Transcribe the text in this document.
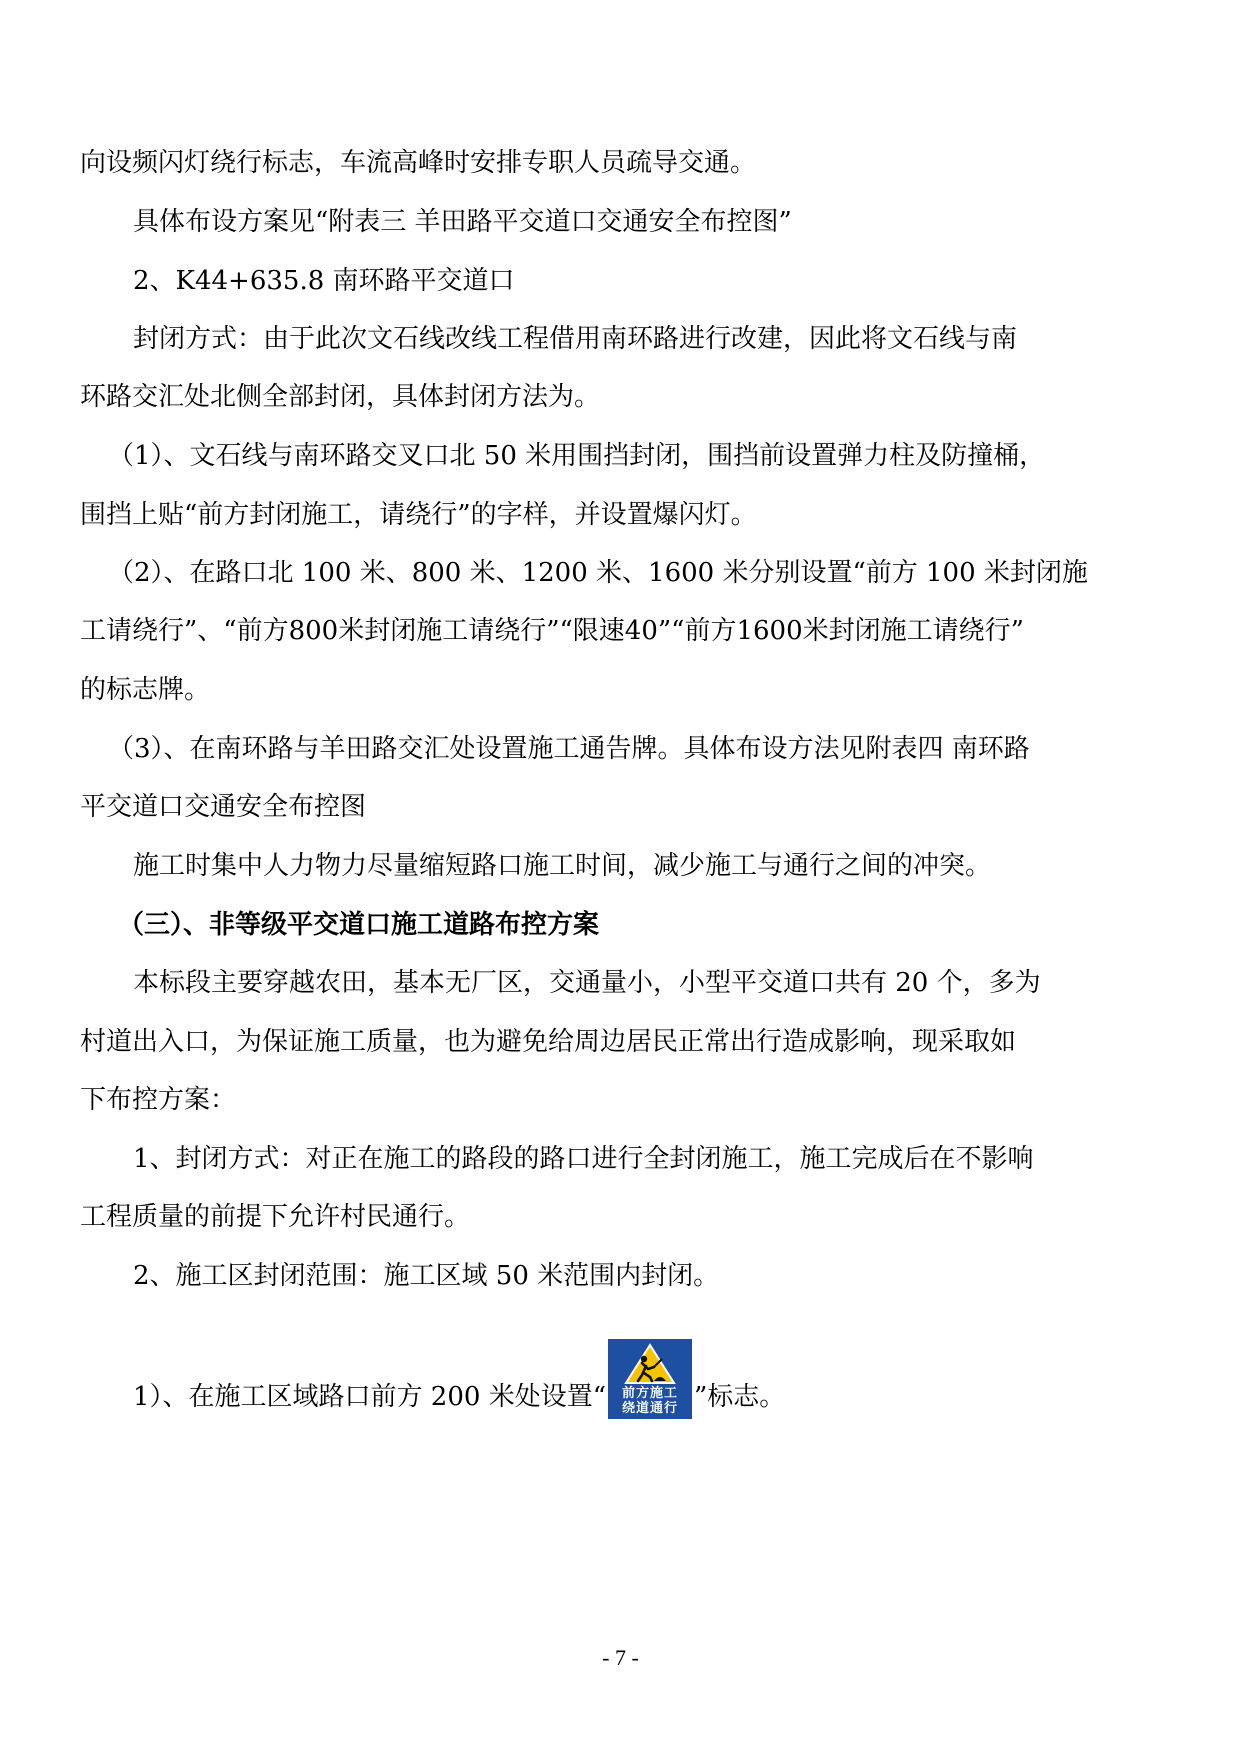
向设频闪灯绕行标志，车流高峰时安排专职人员疏导交通。
具体布设方案见“附表三 羊田路平交道口交通安全布控图”
2、K44+635.8 南环路平交道口
封闭方式：由于此次文石线改线工程借用南环路进行改建，因此将文石线与南
环路交汇处北侧全部封闭，具体封闭方法为。
（1）、文石线与南环路交叉口北 50 米用围挡封闭，围挡前设置弹力柱及防撞桶，
围挡上贴“前方封闭施工，请绕行”的字样，并设置爆闪灯。
（2）、在路口北 100 米、800 米、1200 米、1600 米分别设置“前方 100 米封闭施
工请绕行”、“前方800米封闭施工请绕行”“限速40”“前方1600米封闭施工请绕行”
的标志牌。
（3）、在南环路与羊田路交汇处设置施工通告牌。具体布设方法见附表四 南环路
平交道口交通安全布控图
施工时集中人力物力尽量缩短路口施工时间，减少施工与通行之间的冲突。
（三）、非等级平交道口施工道路布控方案
本标段主要穿越农田，基本无厂区，交通量小，小型平交道口共有 20 个，多为
村道出入口，为保证施工质量，也为避免给周边居民正常出行造成影响，现采取如
下布控方案：
1、封闭方式：对正在施工的路段的路口进行全封闭施工，施工完成后在不影响
工程质量的前提下允许村民通行。
2、施工区封闭范围：施工区域 50 米范围内封闭。
1）、在施工区域路口前方 200 米处设置“	前方施工
绕道通行 ”标志。
- 7 -
